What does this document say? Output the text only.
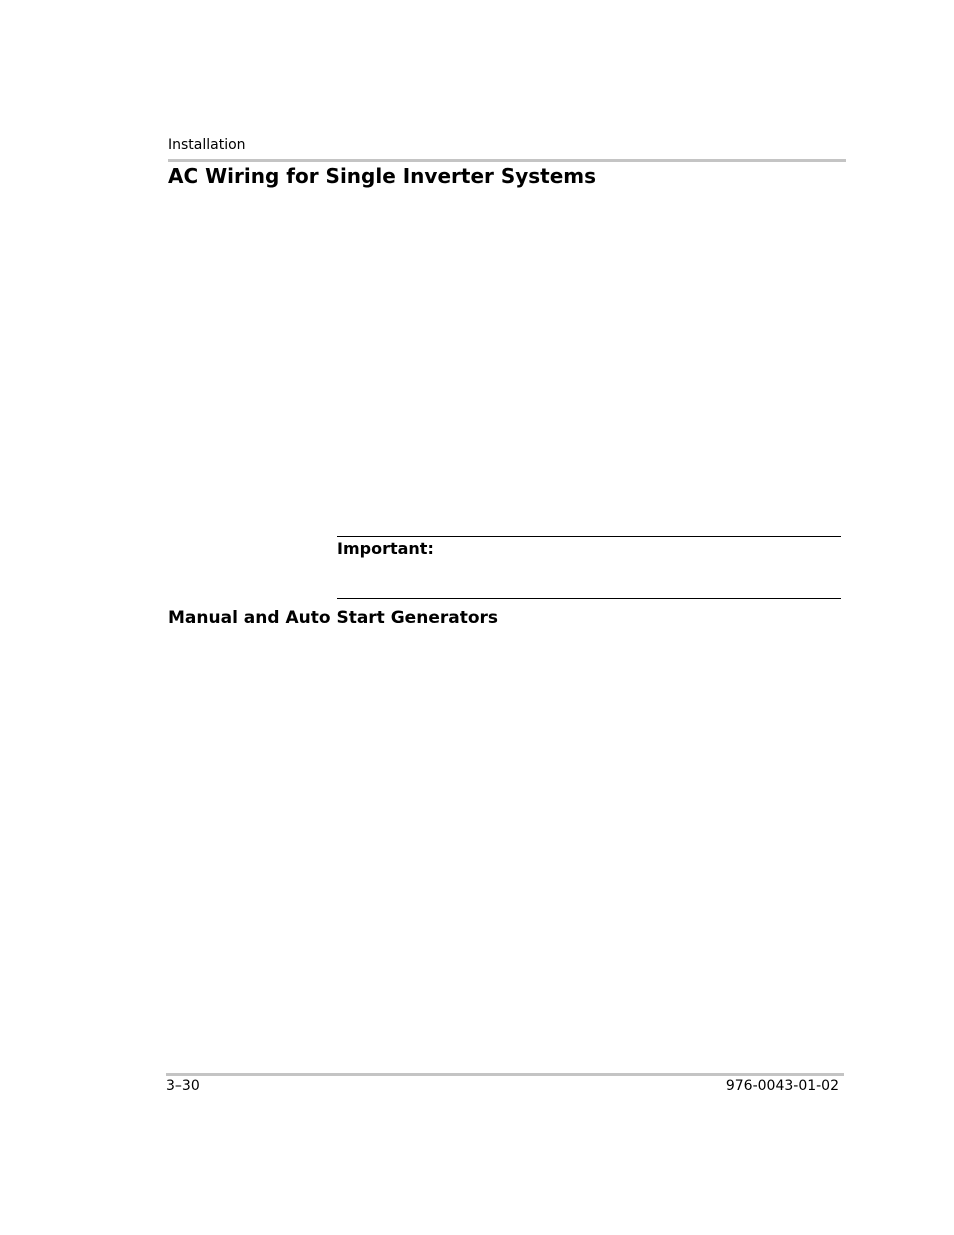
Installation
AC Wiring for Single Inverter Systems
Important:
Manual and Auto Start Generators
3–30	976-0043-01-02
